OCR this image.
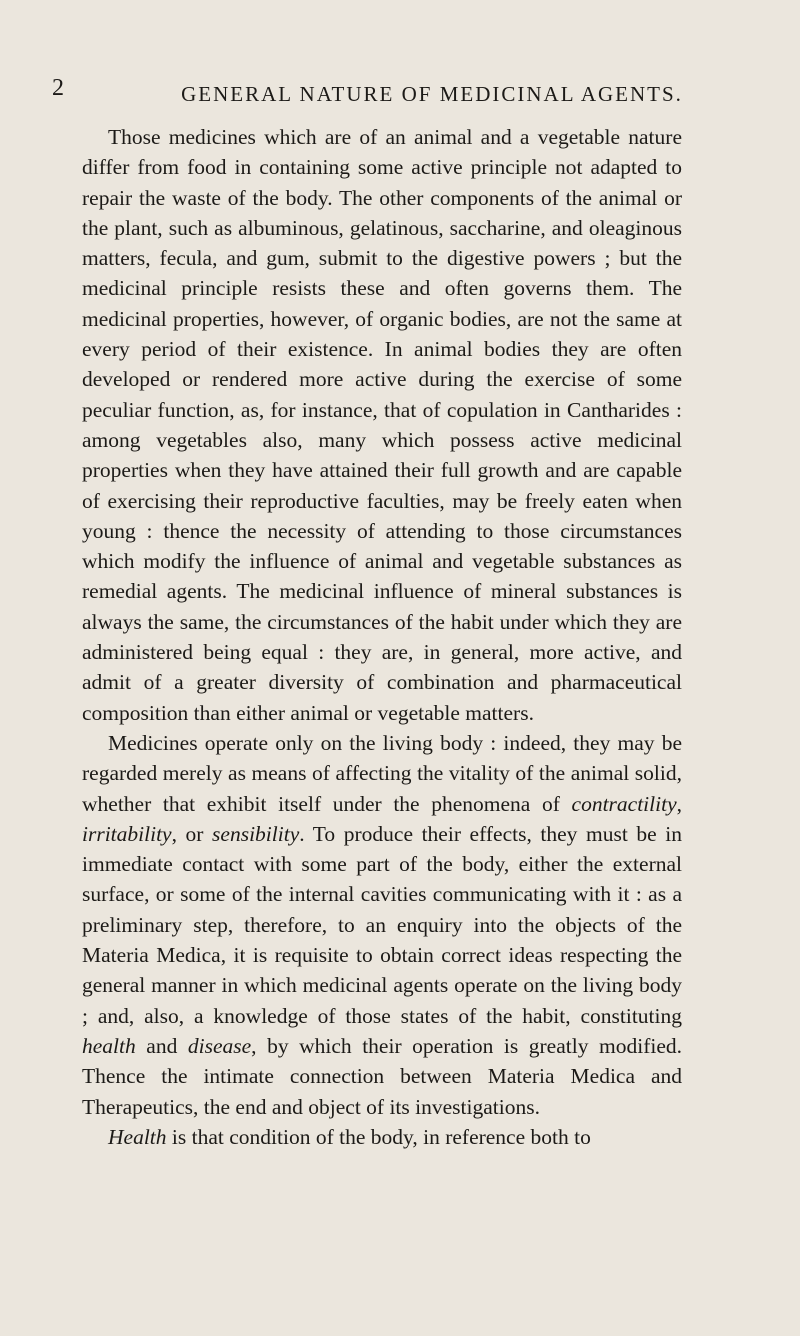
2	GENERAL NATURE OF MEDICINAL AGENTS.

Those medicines which are of an animal and a vegetable nature differ from food in containing some active principle not adapted to repair the waste of the body. The other components of the animal or the plant, such as albuminous, gelatinous, saccharine, and oleaginous matters, fecula, and gum, submit to the digestive powers ; but the medicinal principle resists these and often governs them. The medicinal properties, however, of organic bodies, are not the same at every period of their existence. In animal bodies they are often developed or rendered more active during the exercise of some peculiar function, as, for instance, that of copulation in Cantharides : among vegetables also, many which possess active medicinal properties when they have attained their full growth and are capable of exercising their reproductive faculties, may be freely eaten when young : thence the necessity of attending to those circumstances which modify the influence of animal and vegetable substances as remedial agents. The medicinal influence of mineral substances is always the same, the circumstances of the habit under which they are administered being equal : they are, in general, more active, and admit of a greater diversity of combination and pharmaceutical composition than either animal or vegetable matters.

Medicines operate only on the living body : indeed, they may be regarded merely as means of affecting the vitality of the animal solid, whether that exhibit itself under the phenomena of contractility, irritability, or sensibility. To produce their effects, they must be in immediate contact with some part of the body, either the external surface, or some of the internal cavities communicating with it : as a preliminary step, therefore, to an enquiry into the objects of the Materia Medica, it is requisite to obtain correct ideas respecting the general manner in which medicinal agents operate on the living body ; and, also, a knowledge of those states of the habit, constituting health and disease, by which their operation is greatly modified. Thence the intimate connection between Materia Medica and Therapeutics, the end and object of its investigations.

Health is that condition of the body, in reference both to
